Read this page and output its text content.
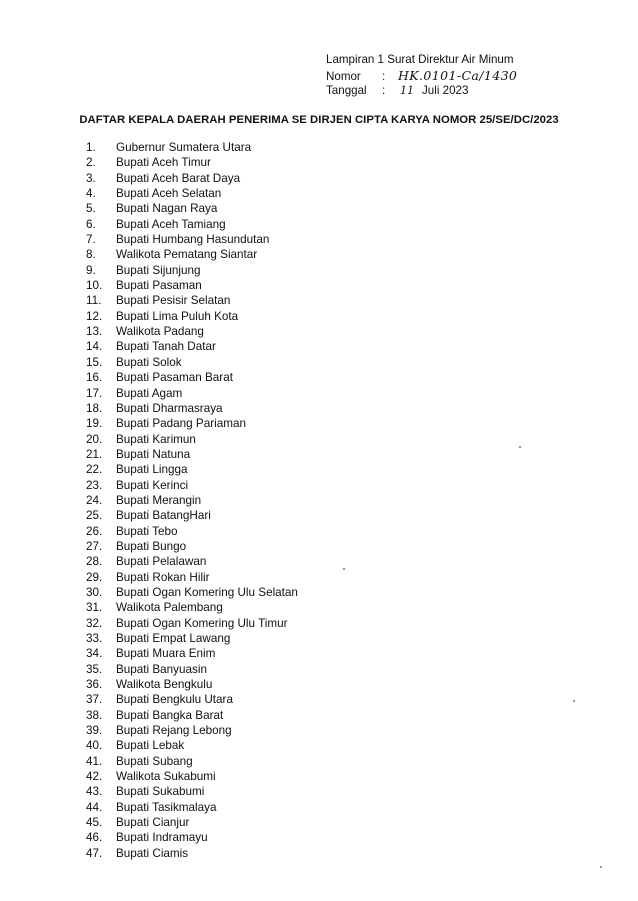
Lampiran 1 Surat Direktur Air Minum
Nomor	:	HK.0101-Ca/1430
Tanggal	:	11 Juli 2023
DAFTAR KEPALA DAERAH PENERIMA SE DIRJEN CIPTA KARYA NOMOR 25/SE/DC/2023
1.	Gubernur Sumatera Utara
2.	Bupati Aceh Timur
3.	Bupati Aceh Barat Daya
4.	Bupati Aceh Selatan
5.	Bupati Nagan Raya
6.	Bupati Aceh Tamiang
7.	Bupati Humbang Hasundutan
8.	Walikota Pematang Siantar
9.	Bupati Sijunjung
10.	Bupati Pasaman
11.	Bupati Pesisir Selatan
12.	Bupati Lima Puluh Kota
13.	Walikota Padang
14.	Bupati Tanah Datar
15.	Bupati Solok
16.	Bupati Pasaman Barat
17.	Bupati Agam
18.	Bupati Dharmasraya
19.	Bupati Padang Pariaman
20.	Bupati Karimun
21.	Bupati Natuna
22.	Bupati Lingga
23.	Bupati Kerinci
24.	Bupati Merangin
25.	Bupati BatangHari
26.	Bupati Tebo
27.	Bupati Bungo
28.	Bupati Pelalawan
29.	Bupati Rokan Hilir
30.	Bupati Ogan Komering Ulu Selatan
31.	Walikota Palembang
32.	Bupati Ogan Komering Ulu Timur
33.	Bupati Empat Lawang
34.	Bupati Muara Enim
35.	Bupati Banyuasin
36.	Walikota Bengkulu
37.	Bupati Bengkulu Utara
38.	Bupati Bangka Barat
39.	Bupati Rejang Lebong
40.	Bupati Lebak
41.	Bupati Subang
42.	Walikota Sukabumi
43.	Bupati Sukabumi
44.	Bupati Tasikmalaya
45.	Bupati Cianjur
46.	Bupati Indramayu
47.	Bupati Ciamis
